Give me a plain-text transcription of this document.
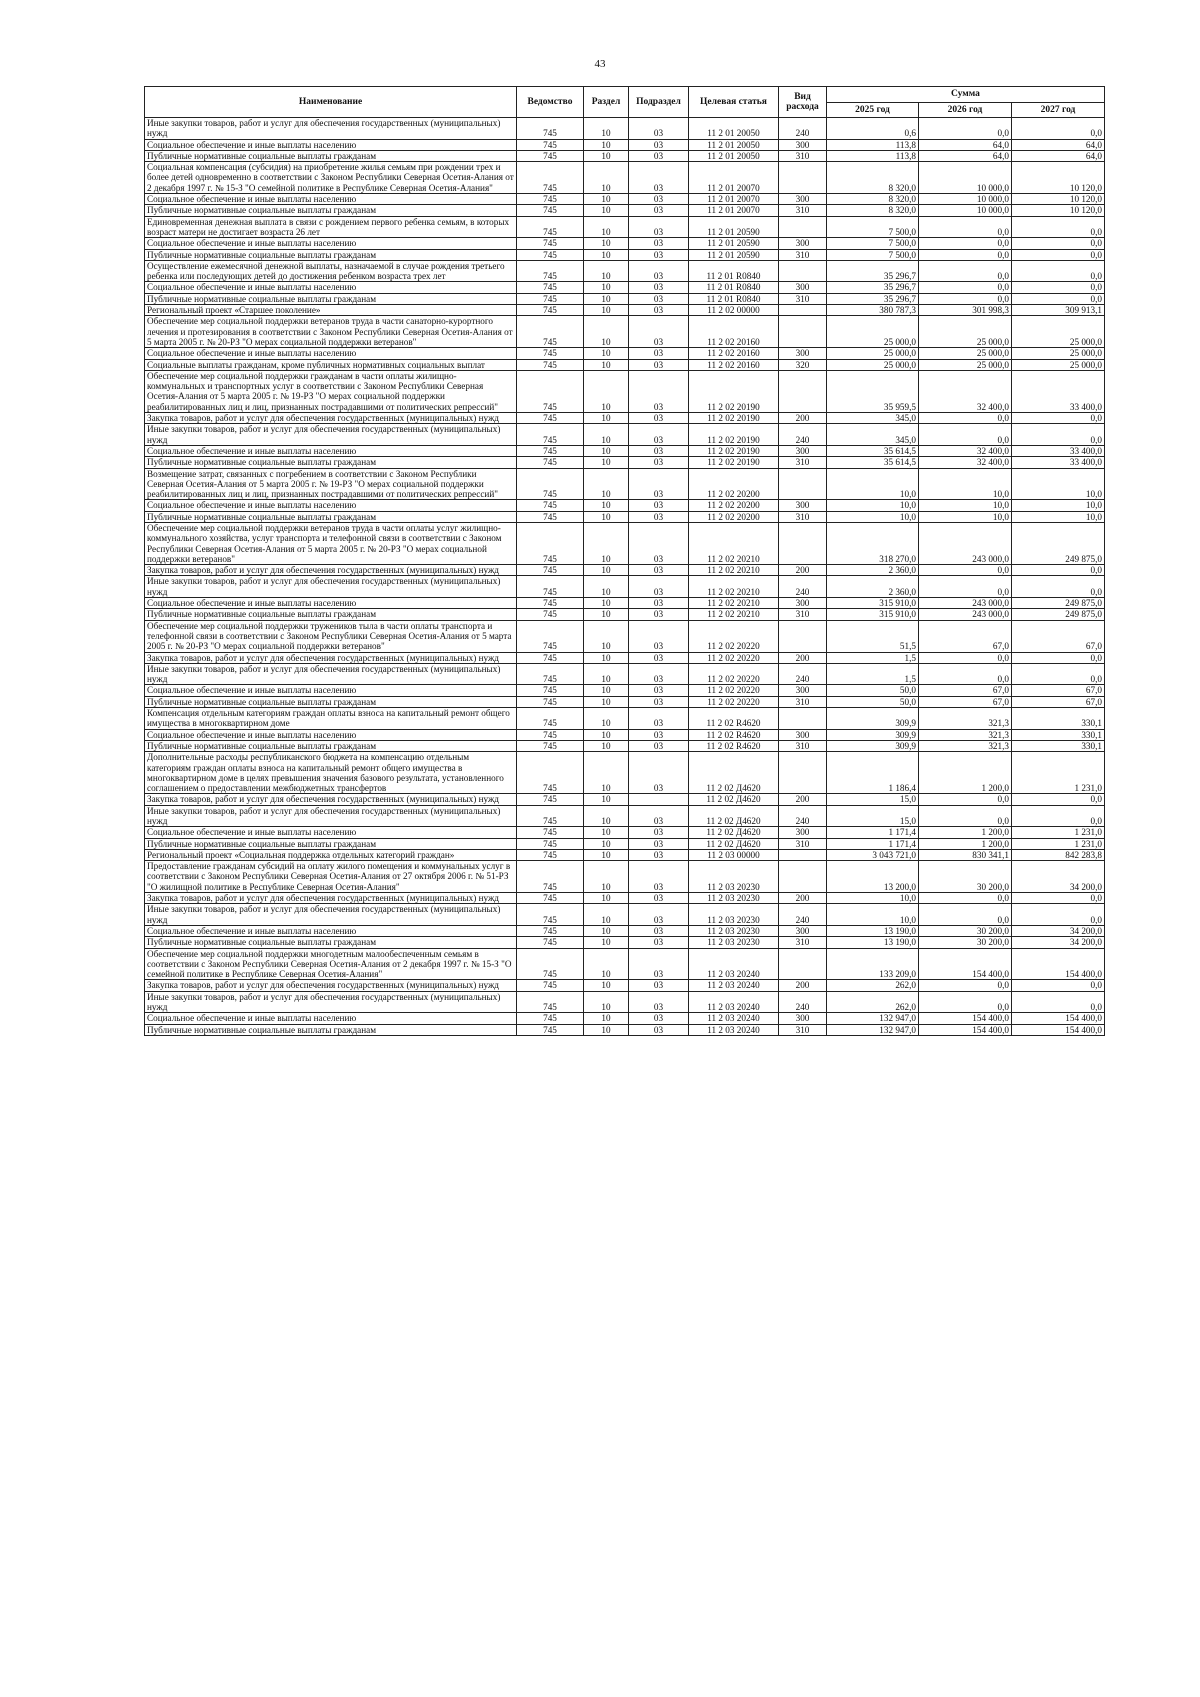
43
Наименование	Ведомство	Раздел	Подраздел	Целевая статья	Вид расхода	Сумма		
						2025 год	2026 год	2027 год
Иные закупки товаров, работ и услуг для обеспечения государственных (муниципальных) нужд	745	10	03	11 2 01 20050	240	0,6	0,0	0,0
Социальное обеспечение и иные выплаты населению	745	10	03	11 2 01 20050	300	113,8	64,0	64,0
Публичные нормативные социальные выплаты гражданам	745	10	03	11 2 01 20050	310	113,8	64,0	64,0
Социальная компенсация (субсидия) на приобретение жилья семьям при рождении трех и более детей одновременно в соответствии с Законом Республики Северная Осетия-Алания от 2 декабря 1997 г. № 15-З "О семейной политике в Республике Северная Осетия-Алания"	745	10	03	11 2 01 20070		8 320,0	10 000,0	10 120,0
Социальное обеспечение и иные выплаты населению	745	10	03	11 2 01 20070	300	8 320,0	10 000,0	10 120,0
Публичные нормативные социальные выплаты гражданам	745	10	03	11 2 01 20070	310	8 320,0	10 000,0	10 120,0
Единовременная денежная выплата в связи с рождением первого ребенка семьям, в которых возраст матери не достигает возраста 26 лет	745	10	03	11 2 01 20590		7 500,0	0,0	0,0
Социальное обеспечение и иные выплаты населению	745	10	03	11 2 01 20590	300	7 500,0	0,0	0,0
Публичные нормативные социальные выплаты гражданам	745	10	03	11 2 01 20590	310	7 500,0	0,0	0,0
Осуществление ежемесячной денежной выплаты, назначаемой в случае рождения третьего ребенка или последующих детей до достижения ребенком возраста трех лет	745	10	03	11 2 01 R0840		35 296,7	0,0	0,0
Социальное обеспечение и иные выплаты населению	745	10	03	11 2 01 R0840	300	35 296,7	0,0	0,0
Публичные нормативные социальные выплаты гражданам	745	10	03	11 2 01 R0840	310	35 296,7	0,0	0,0
Региональный проект «Старшее поколение»	745	10	03	11 2 02 00000		380 787,3	301 998,3	309 913,1
Обеспечение мер социальной поддержки ветеранов труда в части санаторно-курортного лечения и протезирования в соответствии с Законом Республики Северная Осетия-Алания от 5 марта 2005 г. № 20-РЗ "О мерах социальной поддержки ветеранов"	745	10	03	11 2 02 20160		25 000,0	25 000,0	25 000,0
Социальное обеспечение и иные выплаты населению	745	10	03	11 2 02 20160	300	25 000,0	25 000,0	25 000,0
Социальные выплаты гражданам, кроме публичных нормативных социальных выплат	745	10	03	11 2 02 20160	320	25 000,0	25 000,0	25 000,0
Обеспечение мер социальной поддержки гражданам в части оплаты жилищно-коммунальных и транспортных услуг в соответствии с Законом Республики Северная Осетия-Алания от 5 марта 2005 г. № 19-РЗ "О мерах социальной поддержки реабилитированных лиц и лиц, признанных пострадавшими от политических репрессий"	745	10	03	11 2 02 20190		35 959,5	32 400,0	33 400,0
Закупка товаров, работ и услуг для обеспечения государственных (муниципальных) нужд	745	10	03	11 2 02 20190	200	345,0	0,0	0,0
Иные закупки товаров, работ и услуг для обеспечения государственных (муниципальных) нужд	745	10	03	11 2 02 20190	240	345,0	0,0	0,0
Социальное обеспечение и иные выплаты населению	745	10	03	11 2 02 20190	300	35 614,5	32 400,0	33 400,0
Публичные нормативные социальные выплаты гражданам	745	10	03	11 2 02 20190	310	35 614,5	32 400,0	33 400,0
Возмещение затрат, связанных с погребением в соответствии с Законом Республики Северная Осетия-Алания от 5 марта 2005 г. № 19-РЗ "О мерах социальной поддержки реабилитированных лиц и лиц, признанных пострадавшими от политических репрессий"	745	10	03	11 2 02 20200		10,0	10,0	10,0
Социальное обеспечение и иные выплаты населению	745	10	03	11 2 02 20200	300	10,0	10,0	10,0
Публичные нормативные социальные выплаты гражданам	745	10	03	11 2 02 20200	310	10,0	10,0	10,0
Обеспечение мер социальной поддержки ветеранов труда в части оплаты услуг жилищно-коммунального хозяйства, услуг транспорта и телефонной связи в соответствии с Законом Республики Северная Осетия-Алания от 5 марта 2005 г. № 20-РЗ "О мерах социальной поддержки ветеранов"	745	10	03	11 2 02 20210		318 270,0	243 000,0	249 875,0
Закупка товаров, работ и услуг для обеспечения государственных (муниципальных) нужд	745	10	03	11 2 02 20210	200	2 360,0	0,0	0,0
Иные закупки товаров, работ и услуг для обеспечения государственных (муниципальных) нужд	745	10	03	11 2 02 20210	240	2 360,0	0,0	0,0
Социальное обеспечение и иные выплаты населению	745	10	03	11 2 02 20210	300	315 910,0	243 000,0	249 875,0
Публичные нормативные социальные выплаты гражданам	745	10	03	11 2 02 20210	310	315 910,0	243 000,0	249 875,0
Обеспечение мер социальной поддержки тружеников тыла в части оплаты транспорта и телефонной связи в соответствии с Законом Республики Северная Осетия-Алания от 5 марта 2005 г. № 20-РЗ "О мерах социальной поддержки ветеранов"	745	10	03	11 2 02 20220		51,5	67,0	67,0
Закупка товаров, работ и услуг для обеспечения государственных (муниципальных) нужд	745	10	03	11 2 02 20220	200	1,5	0,0	0,0
Иные закупки товаров, работ и услуг для обеспечения государственных (муниципальных) нужд	745	10	03	11 2 02 20220	240	1,5	0,0	0,0
Социальное обеспечение и иные выплаты населению	745	10	03	11 2 02 20220	300	50,0	67,0	67,0
Публичные нормативные социальные выплаты гражданам	745	10	03	11 2 02 20220	310	50,0	67,0	67,0
Компенсация отдельным категориям граждан оплаты взноса на капитальный ремонт общего имущества в многоквартирном доме	745	10	03	11 2 02 R4620		309,9	321,3	330,1
Социальное обеспечение и иные выплаты населению	745	10	03	11 2 02 R4620	300	309,9	321,3	330,1
Публичные нормативные социальные выплаты гражданам	745	10	03	11 2 02 R4620	310	309,9	321,3	330,1
Дополнительные расходы республиканского бюджета на компенсацию отдельным категориям граждан оплаты взноса на капитальный ремонт общего имущества в многоквартирном доме в целях превышения значения базового результата, установленного соглашением о предоставлении межбюджетных трансфертов	745	10	03	11 2 02 Д4620		1 186,4	1 200,0	1 231,0
Закупка товаров, работ и услуг для обеспечения государственных (муниципальных) нужд	745	10		11 2 02 Д4620	200	15,0	0,0	0,0
Иные закупки товаров, работ и услуг для обеспечения государственных (муниципальных) нужд	745	10	03	11 2 02 Д4620	240	15,0	0,0	0,0
Социальное обеспечение и иные выплаты населению	745	10	03	11 2 02 Д4620	300	1 171,4	1 200,0	1 231,0
Публичные нормативные социальные выплаты гражданам	745	10	03	11 2 02 Д4620	310	1 171,4	1 200,0	1 231,0
Региональный проект «Социальная поддержка отдельных категорий граждан»	745	10	03	11 2 03 00000		3 043 721,0	830 341,1	842 283,8
Предоставление гражданам субсидий на оплату жилого помещения и коммунальных услуг в соответствии с Законом Республики Северная Осетия-Алания от 27 октября 2006 г. № 51-РЗ "О жилищной политике в Республике Северная Осетия-Алания"	745	10	03	11 2 03 20230		13 200,0	30 200,0	34 200,0
Закупка товаров, работ и услуг для обеспечения государственных (муниципальных) нужд	745	10	03	11 2 03 20230	200	10,0	0,0	0,0
Иные закупки товаров, работ и услуг для обеспечения государственных (муниципальных) нужд	745	10	03	11 2 03 20230	240	10,0	0,0	0,0
Социальное обеспечение и иные выплаты населению	745	10	03	11 2 03 20230	300	13 190,0	30 200,0	34 200,0
Публичные нормативные социальные выплаты гражданам	745	10	03	11 2 03 20230	310	13 190,0	30 200,0	34 200,0
Обеспечение мер социальной поддержки многодетным малообеспеченным семьям в соответствии с Законом Республики Северная Осетия-Алания от 2 декабря 1997 г. № 15-З "О семейной политике в Республике Северная Осетия-Алания"	745	10	03	11 2 03 20240		133 209,0	154 400,0	154 400,0
Закупка товаров, работ и услуг для обеспечения государственных (муниципальных) нужд	745	10	03	11 2 03 20240	200	262,0	0,0	0,0
Иные закупки товаров, работ и услуг для обеспечения государственных (муниципальных) нужд	745	10	03	11 2 03 20240	240	262,0	0,0	0,0
Социальное обеспечение и иные выплаты населению	745	10	03	11 2 03 20240	300	132 947,0	154 400,0	154 400,0
Публичные нормативные социальные выплаты гражданам	745	10	03	11 2 03 20240	310	132 947,0	154 400,0	154 400,0
